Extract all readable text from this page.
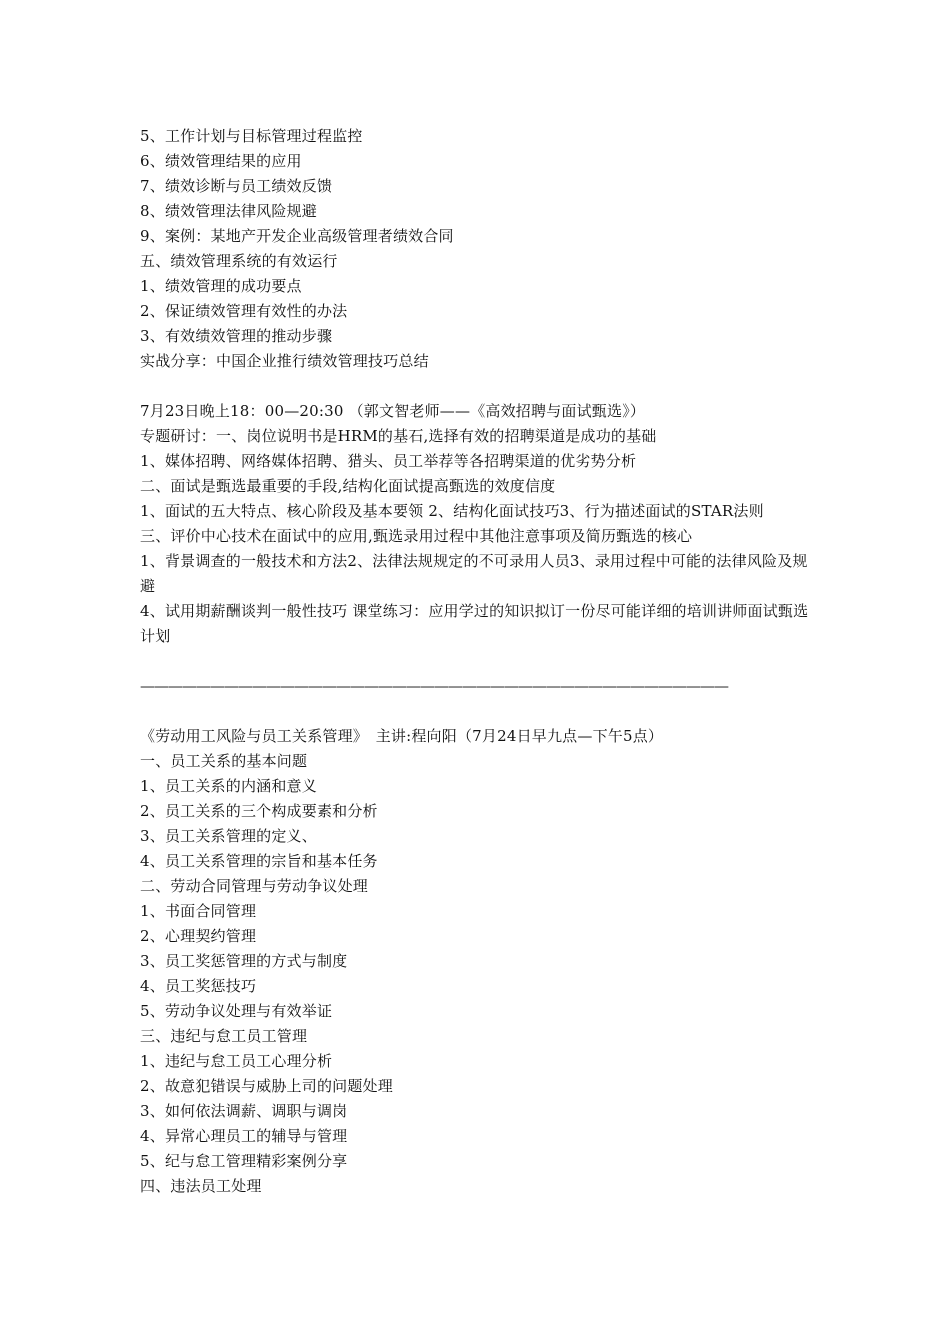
5、工作计划与目标管理过程监控
6、绩效管理结果的应用
7、绩效诊断与员工绩效反馈
8、绩效管理法律风险规避
9、案例：某地产开发企业高级管理者绩效合同
五、绩效管理系统的有效运行
1、绩效管理的成功要点
2、保证绩效管理有效性的办法
3、有效绩效管理的推动步骤
实战分享：中国企业推行绩效管理技巧总结
7月23日晚上18：00—20:30 （郭文智老师——《高效招聘与面试甄选》）
专题研讨：一、岗位说明书是HRM的基石,选择有效的招聘渠道是成功的基础
1、媒体招聘、网络媒体招聘、猎头、员工举荐等各招聘渠道的优劣势分析
二、面试是甄选最重要的手段,结构化面试提高甄选的效度信度
1、面试的五大特点、核心阶段及基本要领 2、结构化面试技巧3、行为描述面试的STAR法则
三、评价中心技术在面试中的应用,甄选录用过程中其他注意事项及简历甄选的核心
1、背景调查的一般技术和方法2、法律法规规定的不可录用人员3、录用过程中可能的法律风险及规避
4、试用期薪酬谈判一般性技巧 课堂练习：应用学过的知识拟订一份尽可能详细的培训讲师面试甄选计划
——————————————————————————————————————————
《劳动用工风险与员工关系管理》　主讲:程向阳（7月24日早九点—下午5点）
一、员工关系的基本问题
1、员工关系的内涵和意义
2、员工关系的三个构成要素和分析
3、员工关系管理的定义、
4、员工关系管理的宗旨和基本任务
二、劳动合同管理与劳动争议处理
1、书面合同管理
2、心理契约管理
3、员工奖惩管理的方式与制度
4、员工奖惩技巧
5、劳动争议处理与有效举证
三、违纪与怠工员工管理
1、违纪与怠工员工心理分析
2、故意犯错误与威胁上司的问题处理
3、如何依法调薪、调职与调岗
4、异常心理员工的辅导与管理
5、纪与怠工管理精彩案例分享
四、违法员工处理
